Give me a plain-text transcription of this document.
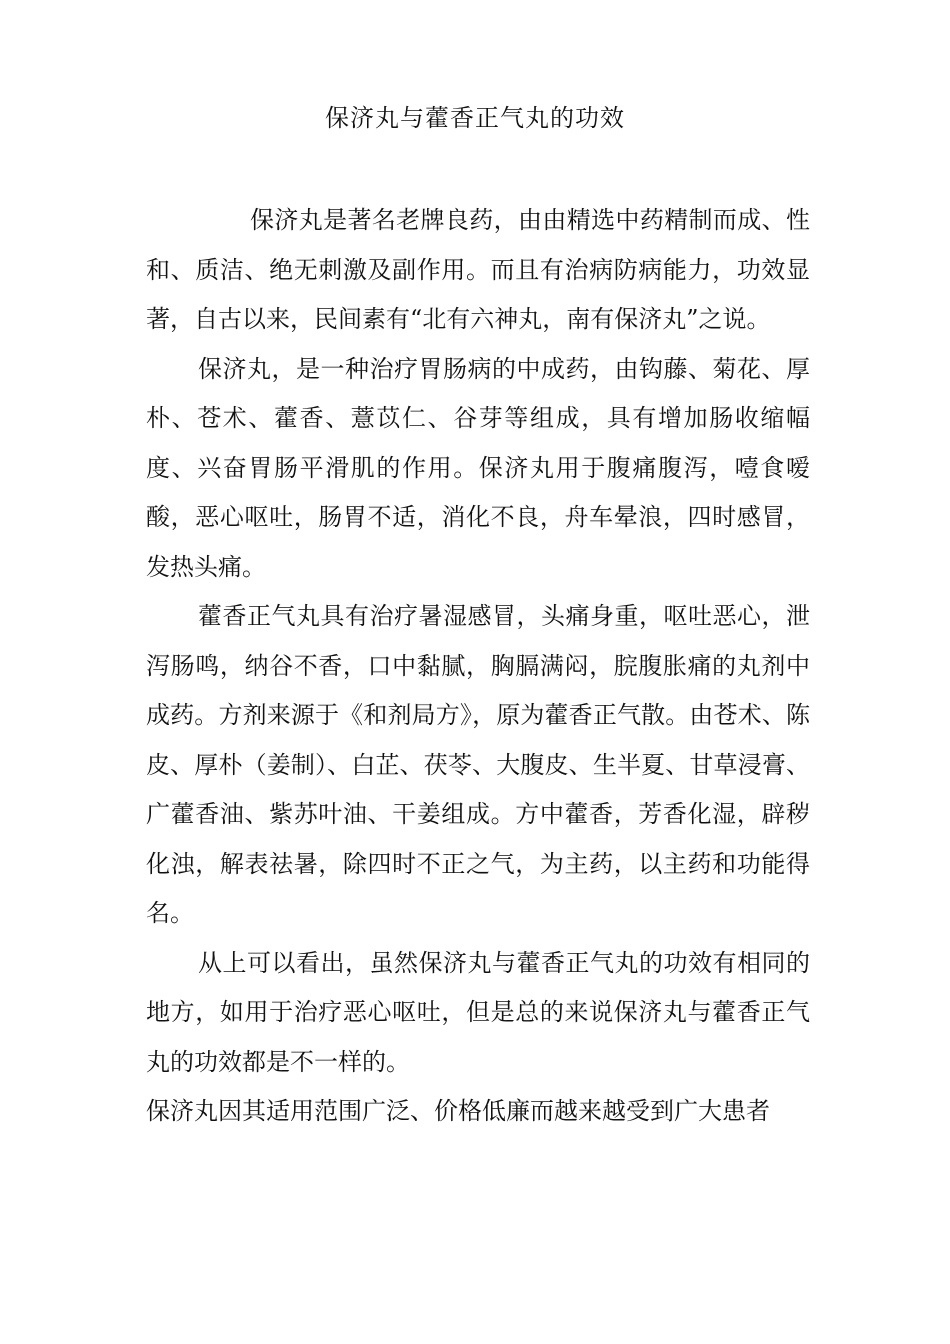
保济丸与藿香正气丸的功效

保济丸是著名老牌良药，由由精选中药精制而成、性和、质洁、绝无刺激及副作用。而且有治病防病能力，功效显著，自古以来，民间素有“北有六神丸，南有保济丸”之说。

保济丸，是一种治疗胃肠病的中成药，由钩藤、菊花、厚朴、苍术、藿香、薏苡仁、谷芽等组成，具有增加肠收缩幅度、兴奋胃肠平滑肌的作用。保济丸用于腹痛腹泻，噎食嗳酸，恶心呕吐，肠胃不适，消化不良，舟车晕浪，四时感冒，发热头痛。

藿香正气丸具有治疗暑湿感冒，头痛身重，呕吐恶心，泄泻肠鸣，纳谷不香，口中黏腻，胸膈满闷，脘腹胀痛的丸剂中成药。方剂来源于《和剂局方》，原为藿香正气散。由苍术、陈皮、厚朴（姜制）、白芷、茯苓、大腹皮、生半夏、甘草浸膏、广藿香油、紫苏叶油、干姜组成。方中藿香，芳香化湿，辟秽化浊，解表祛暑，除四时不正之气，为主药，以主药和功能得名。

从上可以看出，虽然保济丸与藿香正气丸的功效有相同的地方，如用于治疗恶心呕吐，但是总的来说保济丸与藿香正气丸的功效都是不一样的。

保济丸因其适用范围广泛、价格低廉而越来越受到广大患者
